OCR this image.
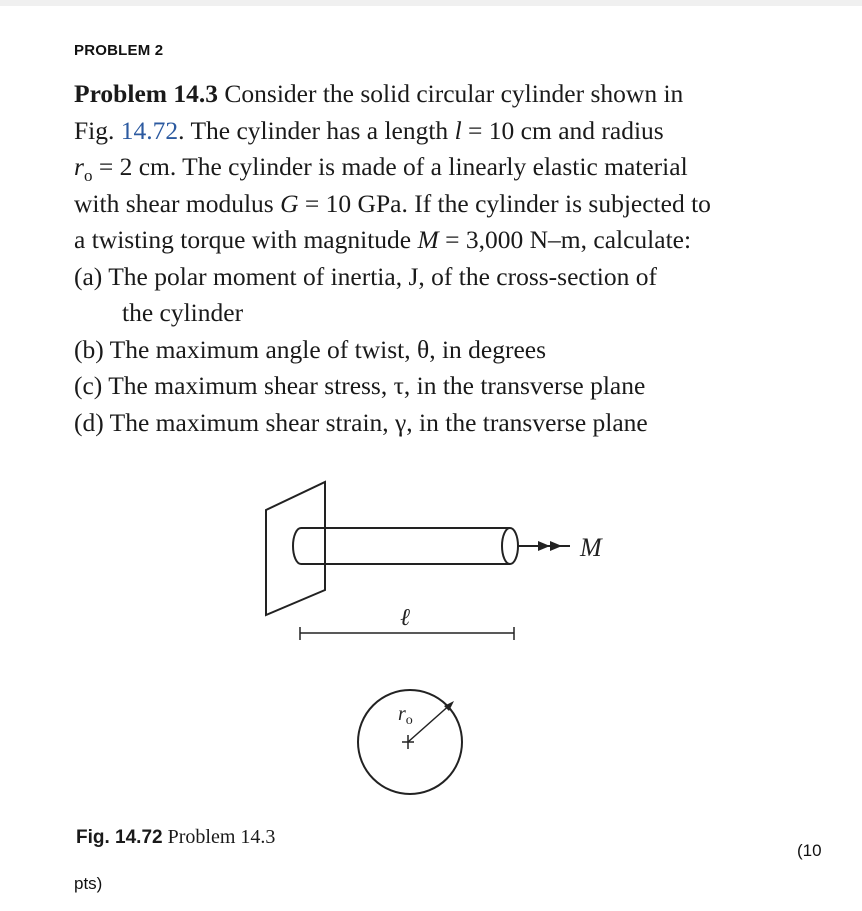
PROBLEM 2
Problem 14.3 Consider the solid circular cylinder shown in
Fig. 14.72. The cylinder has a length l = 10 cm and radius
$r_o = 2$ cm. The cylinder is made of a linearly elastic material
with shear modulus G = 10 GPa. If the cylinder is subjected to
a twisting torque with magnitude M = 3,000 N–m, calculate:
(a) The polar moment of inertia, J, of the cross-section of
the cylinder
(b) The maximum angle of twist, θ, in degrees
(c) The maximum shear stress, τ, in the transverse plane
(d) The maximum shear strain, γ, in the transverse plane
M
ℓ
$r_o$
Fig. 14.72 Problem 14.3
(10
pts)
